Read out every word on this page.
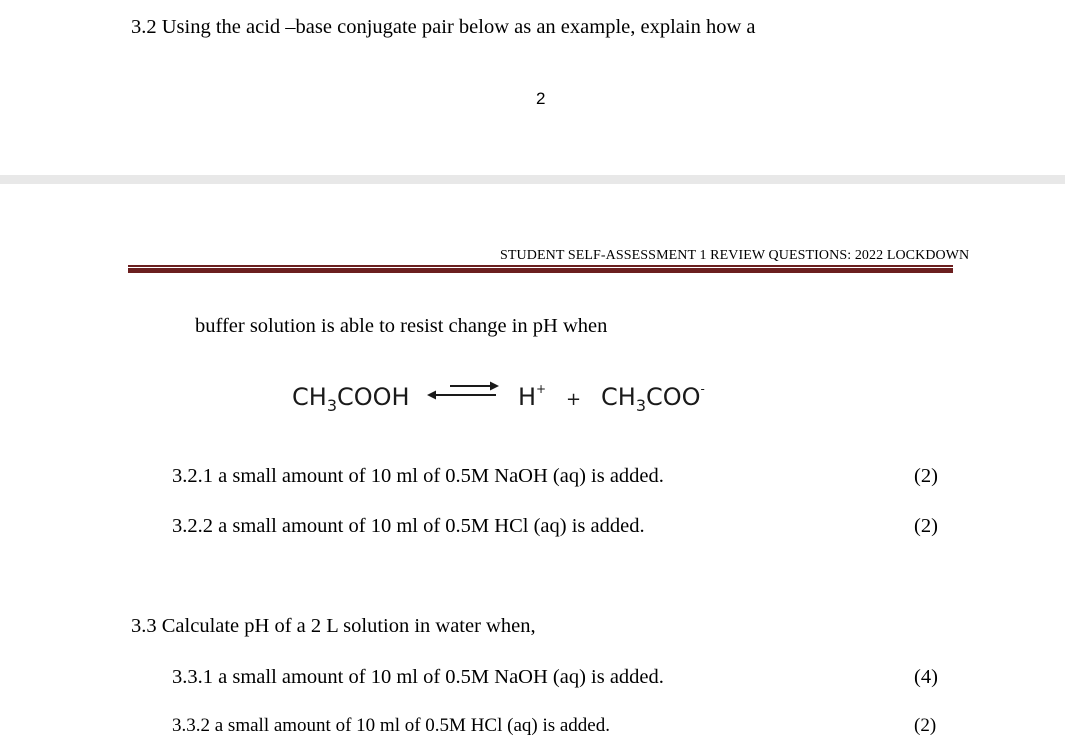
3.2 Using the acid –base conjugate pair below as an example, explain how a
2
STUDENT SELF-ASSESSMENT 1 REVIEW QUESTIONS: 2022 LOCKDOWN
buffer solution is able to resist change in pH when
$CH_3COOH$	$H^+ + CH_3COO^-$
3.2.1 a small amount of 10 ml of 0.5M NaOH (aq) is added.	(2)
3.2.2 a small amount of 10 ml of 0.5M HCl (aq) is added.	(2)
3.3 Calculate pH of a 2 L solution in water when,
3.3.1 a small amount of 10 ml of 0.5M NaOH (aq) is added.	(4)
3.3.2 a small amount of 10 ml of 0.5M HCl (aq) is added.	(2)
